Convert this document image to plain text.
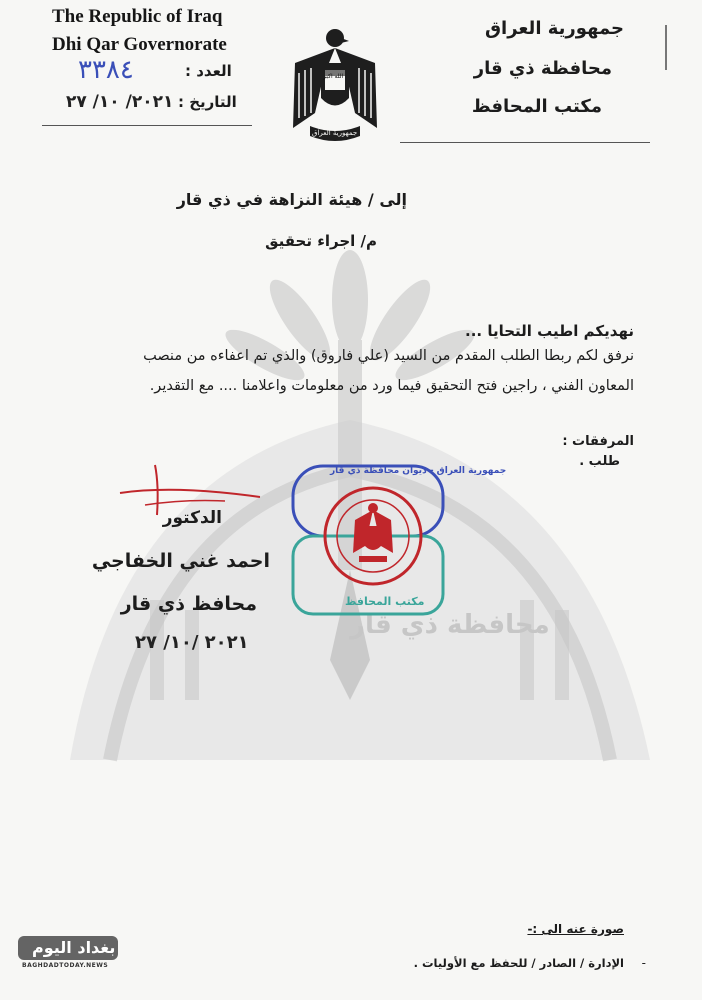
محافظة ذي قار
The Republic of Iraq
Dhi Qar Governorate
العدد :
٣٣٨٤
التاريخ :
٢٠٢١/ ١٠/ ٢٧
الله اكبر
جمهورية العراق
جمهورية العراق
محافظة ذي قار
مكتب المحافظ
إلى / هيئة النزاهة في ذي قار
م/ اجراء تحقيق
نهديكم اطيب التحايا ...
نرفق لكم ربطا الطلب المقدم من السيد (علي فاروق) والذي تم اعفاءه من منصب
المعاون الفني ، راجين فتح التحقيق فيما ورد من معلومات واعلامنا .... مع التقدير.
المرفقات :
طلب .
جمهورية العراق - ديوان محافظة ذي قار
مكتب المحافظ
الدكتور
احمد غني الخفاجي
محافظ ذي قار
٢٠٢١ /١٠/ ٢٧
صورة عنه الى :-
الإدارة / الصادر / للحفظ مع الأوليات . -
بغداد اليوم
BAGHDADTODAY.NEWS
